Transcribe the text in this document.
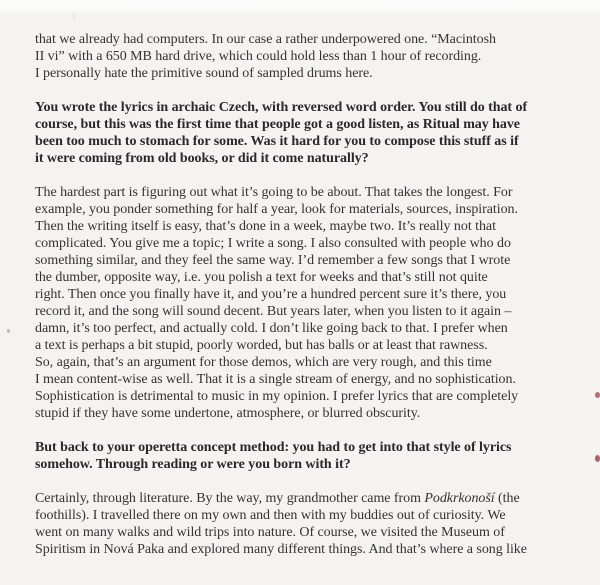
that we already had computers. In our case a rather underpowered one. “Macintosh
II vi” with a 650 MB hard drive, which could hold less than 1 hour of recording.
I personally hate the primitive sound of sampled drums here.
You wrote the lyrics in archaic Czech, with reversed word order. You still do that of
course, but this was the first time that people got a good listen, as Ritual may have
been too much to stomach for some. Was it hard for you to compose this stuff as if
it were coming from old books, or did it come naturally?
The hardest part is figuring out what it’s going to be about. That takes the longest. For
example, you ponder something for half a year, look for materials, sources, inspiration.
Then the writing itself is easy, that’s done in a week, maybe two. It’s really not that
complicated. You give me a topic; I write a song. I also consulted with people who do
something similar, and they feel the same way. I’d remember a few songs that I wrote
the dumber, opposite way, i.e. you polish a text for weeks and that’s still not quite
right. Then once you finally have it, and you’re a hundred percent sure it’s there, you
record it, and the song will sound decent. But years later, when you listen to it again –
damn, it’s too perfect, and actually cold. I don’t like going back to that. I prefer when
a text is perhaps a bit stupid, poorly worded, but has balls or at least that rawness.
So, again, that’s an argument for those demos, which are very rough, and this time
I mean content-wise as well. That it is a single stream of energy, and no sophistication.
Sophistication is detrimental to music in my opinion. I prefer lyrics that are completely
stupid if they have some undertone, atmosphere, or blurred obscurity.
But back to your operetta concept method: you had to get into that style of lyrics
somehow. Through reading or were you born with it?
Certainly, through literature. By the way, my grandmother came from Podkrkonoší (the
foothills). I travelled there on my own and then with my buddies out of curiosity. We
went on many walks and wild trips into nature. Of course, we visited the Museum of
Spiritism in Nová Paka and explored many different things. And that’s where a song like
